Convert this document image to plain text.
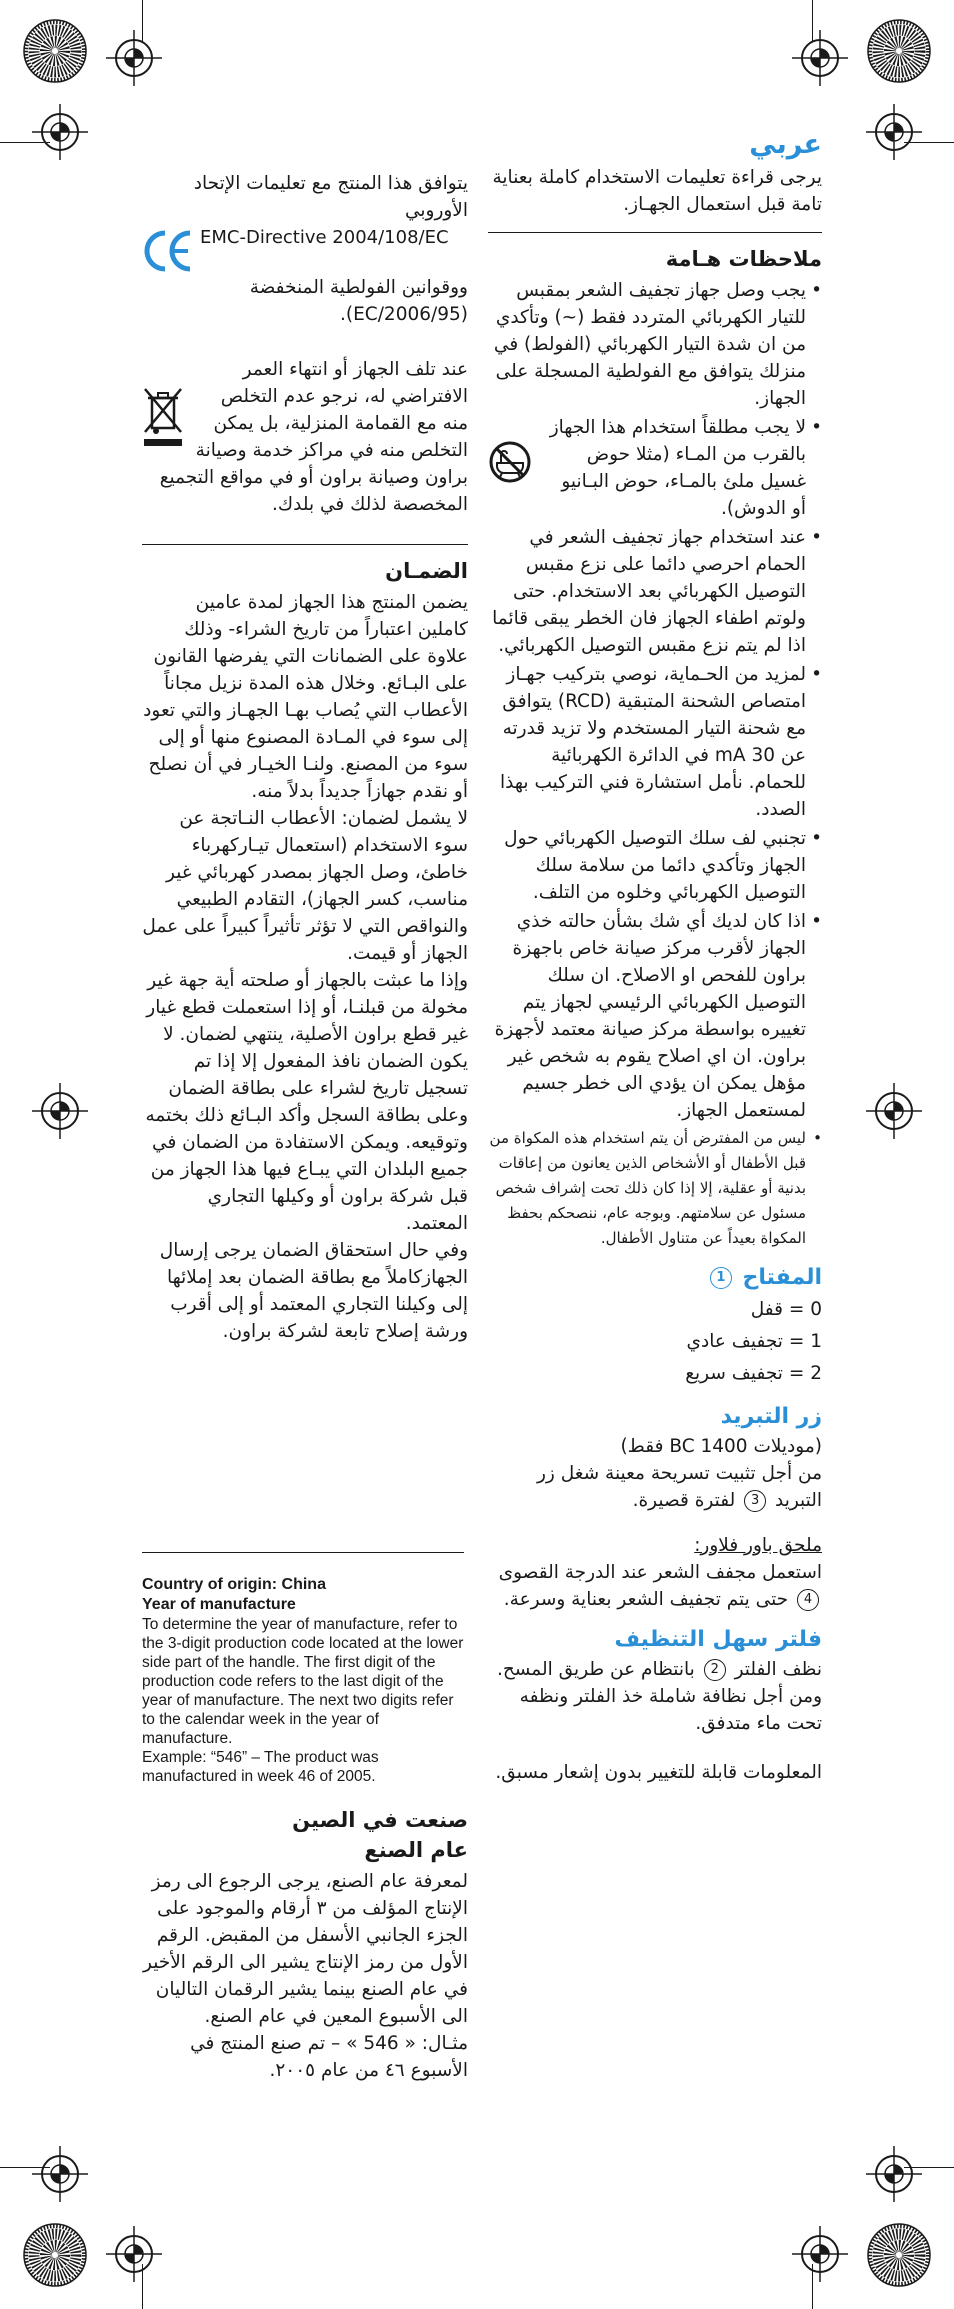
عربي

يرجى قراءة تعليمات الاستخدام كاملة بعناية تامة قبل استعمال الجهـاز.

ملاحظات هـامة
• يجب وصل جهاز تجفيف الشعر بمقبس للتيار الكهربائي المتردد فقط (~) وتأكدي من ان شدة التيار الكهربائي (الفولط) في منزلك يتوافق مع الفولطية المسجلة على الجهاز.
• لا يجب مطلقاً استخدام هذا الجهاز بالقرب من المـاء (مثلا حوض غسيل ملئ بالمـاء، حوض البـانيو أو الدوش).
• عند استخدام جهاز تجفيف الشعر في الحمام احرصي دائما على نزع مقبس التوصيل الكهربائي بعد الاستخدام. حتى ولوتم اطفاء الجهاز فان الخطر يبقى قائما اذا لم يتم نزع مقبس التوصيل الكهربائي.
• لمزيد من الحـماية، نوصي بتركيب جهـاز امتصاص الشحنة المتبقية (RCD) يتوافق مع شحنة التيار المستخدم ولا تزيد قدرته عن 30 mA في الدائرة الكهربائية للحمام. نأمل استشارة فني التركيب بهذا الصدد.
• تجنبي لف سلك التوصيل الكهربائي حول الجهاز وتأكدي دائما من سلامة سلك التوصيل الكهربائي وخلوه من التلف.
• اذا كان لديك أي شك بشأن حالته خذي الجهاز لأقرب مركز صيانة خاص باجهزة براون للفحص او الاصلاح. ان سلك التوصيل الكهربائي الرئيسي لجهاز يتم تغييره بواسطة مركز صيانة معتمد لأجهزة براون. ان اي اصلاح يقوم به شخص غير مؤهل يمكن ان يؤدي الى خطر جسيم لمستعمل الجهاز.
• ليس من المفترض أن يتم استخدام هذه المكواة من قبل الأطفال أو الأشخاص الذين يعانون من إعاقات بدنية أو عقلية، إلا إذا كان ذلك تحت إشراف شخص مسئول عن سلامتهم. وبوجه عام، ننصحكم بحفظ المكواة بعيداً عن متناول الأطفال.
المفتاح 1
0 = قفل
1 = تجفيف عادي
2 = تجفيف سريع
زر التبريد

(موديلات BC 1400 فقط)

من أجل تثبيت تسريحة معينة شغل زر التبريد 3 لفترة قصيرة.

ملحق باور فلاور:

استعمل مجفف الشعر عند الدرجة القصوى 4 حتى يتم تجفيف الشعر بعناية وسرعة.

فلتر سهل التنظيف

نظف الفلتر 2 بانتظام عن طريق المسح.

ومن أجل نظافة شاملة خذ الفلتر ونظفه تحت ماء متدفق.

المعلومات قابلة للتغيير بدون إشعار مسبق.

يتوافق هذا المنتج مع تعليمات الإتحاد الأوروبي

EMC-Directive 2004/108/EC

ووقوانين الفولطية المنخفضة

(2006/95/EC).

عند تلف الجهاز أو انتهاء العمر الافتراضي له، نرجو عدم التخلص منه مع القمامة المنزلية، بل يمكن التخلص منه في مراكز خدمة وصيانة براون وصيانة براون أو في مواقع التجميع المخصصة لذلك في بلدك.

الضمـان

يضمن المنتج هذا الجهاز لمدة عامين كاملين اعتباراً من تاريخ الشراء- وذلك علاوة على الضمانات التي يفرضها القانون على البـائع. وخلال هذه المدة نزيل مجاناً الأعطاب التي يُصاب بهـا الجهـاز والتي تعود إلى سوء في المـادة المصنوع منها أو إلى سوء من المصنع. ولنـا الخيـار في أن نصلح أو نقدم جهازاً جديداً بدلاً منه.

لا يشمل لضمان: الأعطاب النـاتجة عن سوء الاستخدام (استعمال تيـاركهرباء خاطئ، وصل الجهاز بمصدر كهربائي غير مناسب، كسر الجهاز)، التقادم الطبيعي والنواقص التي لا تؤثر تأثيراً كبيراً على عمل الجهاز أو قيمت.

وإذا ما عبثت بالجهاز أو صلحته أية جهة غير مخولة من قبلنـا، أو إذا استعملت قطع غيار غير قطع براون الأصلية، ينتهي لضمان. لا يكون الضمان نافذ المفعول إلا إذا تم تسجيل تاريخ لشراء على بطاقة الضمان وعلى بطاقة السجل وأكد البـائع ذلك بختمه وتوقيعه. ويمكن الاستفادة من الضمان في جميع البلدان التي يبـاع فيها هذا الجهاز من قبل شركة براون أو وكيلها التجاري المعتمد.

وفي حال استحقاق الضمان يرجى إرسال الجهازكاملاً مع بطاقة الضمان بعد إملائها إلى وكيلنا التجاري المعتمد أو إلى أقرب ورشة إصلاح تابعة لشركة براون.

Country of origin: China
Year of manufacture

To determine the year of manufacture, refer to the 3-digit production code located at the lower side part of the handle. The first digit of the production code refers to the last digit of the year of manufacture. The next two digits refer to the calendar week in the year of manufacture.

Example: “546” – The product was manufactured in week 46 of 2005.

صنعت في الصين
عام الصنع

لمعرفة عام الصنع، يرجى الرجوع الى رمز الإنتاج المؤلف من ٣ أرقام والموجود على الجزء الجانبي الأسفل من المقبض. الرقم الأول من رمز الإنتاج يشير الى الرقم الأخير في عام الصنع بينما يشير الرقمان التاليان الى الأسبوع المعين في عام الصنع.

مثـال: « 546 » – تم صنع المنتج في الأسبوع ٤٦ من عام ٢٠٠٥.
